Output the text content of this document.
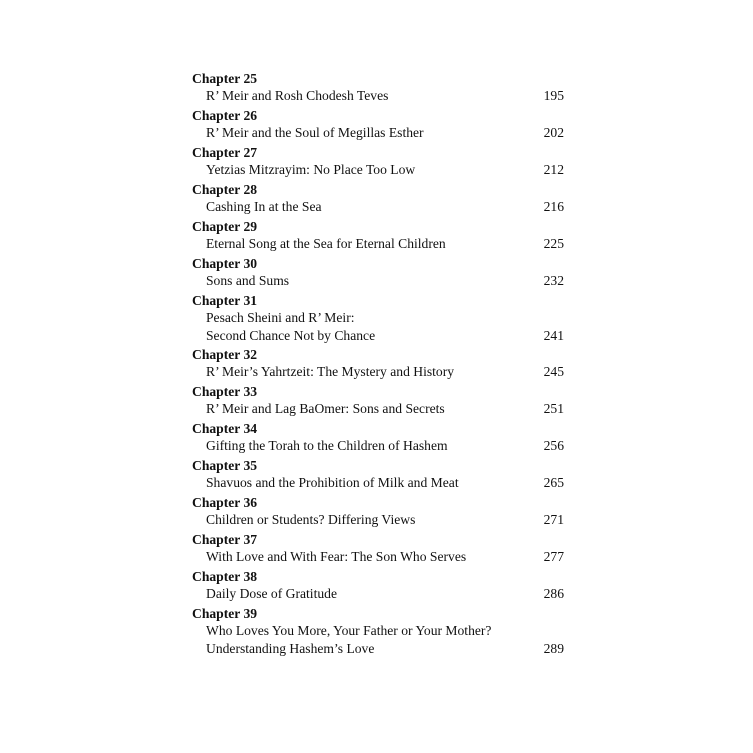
Chapter 25
R’ Meir and Rosh Chodesh Teves	195
Chapter 26
R’ Meir and the Soul of Megillas Esther	202
Chapter 27
Yetzias Mitzrayim: No Place Too Low	212
Chapter 28
Cashing In at the Sea	216
Chapter 29
Eternal Song at the Sea for Eternal Children	225
Chapter 30
Sons and Sums	232
Chapter 31
Pesach Sheini and R’ Meir:
Second Chance Not by Chance	241
Chapter 32
R’ Meir’s Yahrtzeit: The Mystery and History	245
Chapter 33
R’ Meir and Lag BaOmer: Sons and Secrets	251
Chapter 34
Gifting the Torah to the Children of Hashem	256
Chapter 35
Shavuos and the Prohibition of Milk and Meat	265
Chapter 36
Children or Students? Differing Views	271
Chapter 37
With Love and With Fear: The Son Who Serves	277
Chapter 38
Daily Dose of Gratitude	286
Chapter 39
Who Loves You More, Your Father or Your Mother?
Understanding Hashem’s Love	289
